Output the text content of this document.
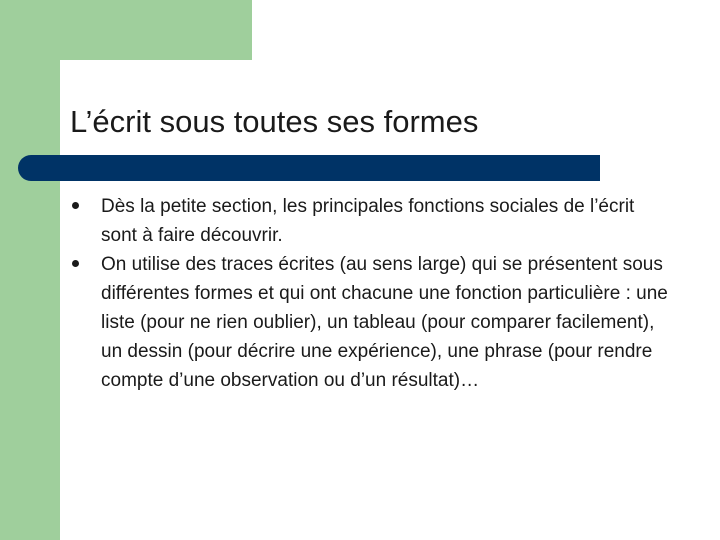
L’écrit sous toutes ses formes
Dès la petite section, les principales fonctions sociales de l’écrit sont à faire découvrir.
On utilise des traces écrites (au sens large) qui se présentent sous différentes formes et qui ont chacune une fonction particulière : une liste (pour ne rien oublier), un tableau (pour comparer facilement), un dessin (pour décrire une expérience), une phrase (pour rendre compte d’une observation ou d’un résultat)…
